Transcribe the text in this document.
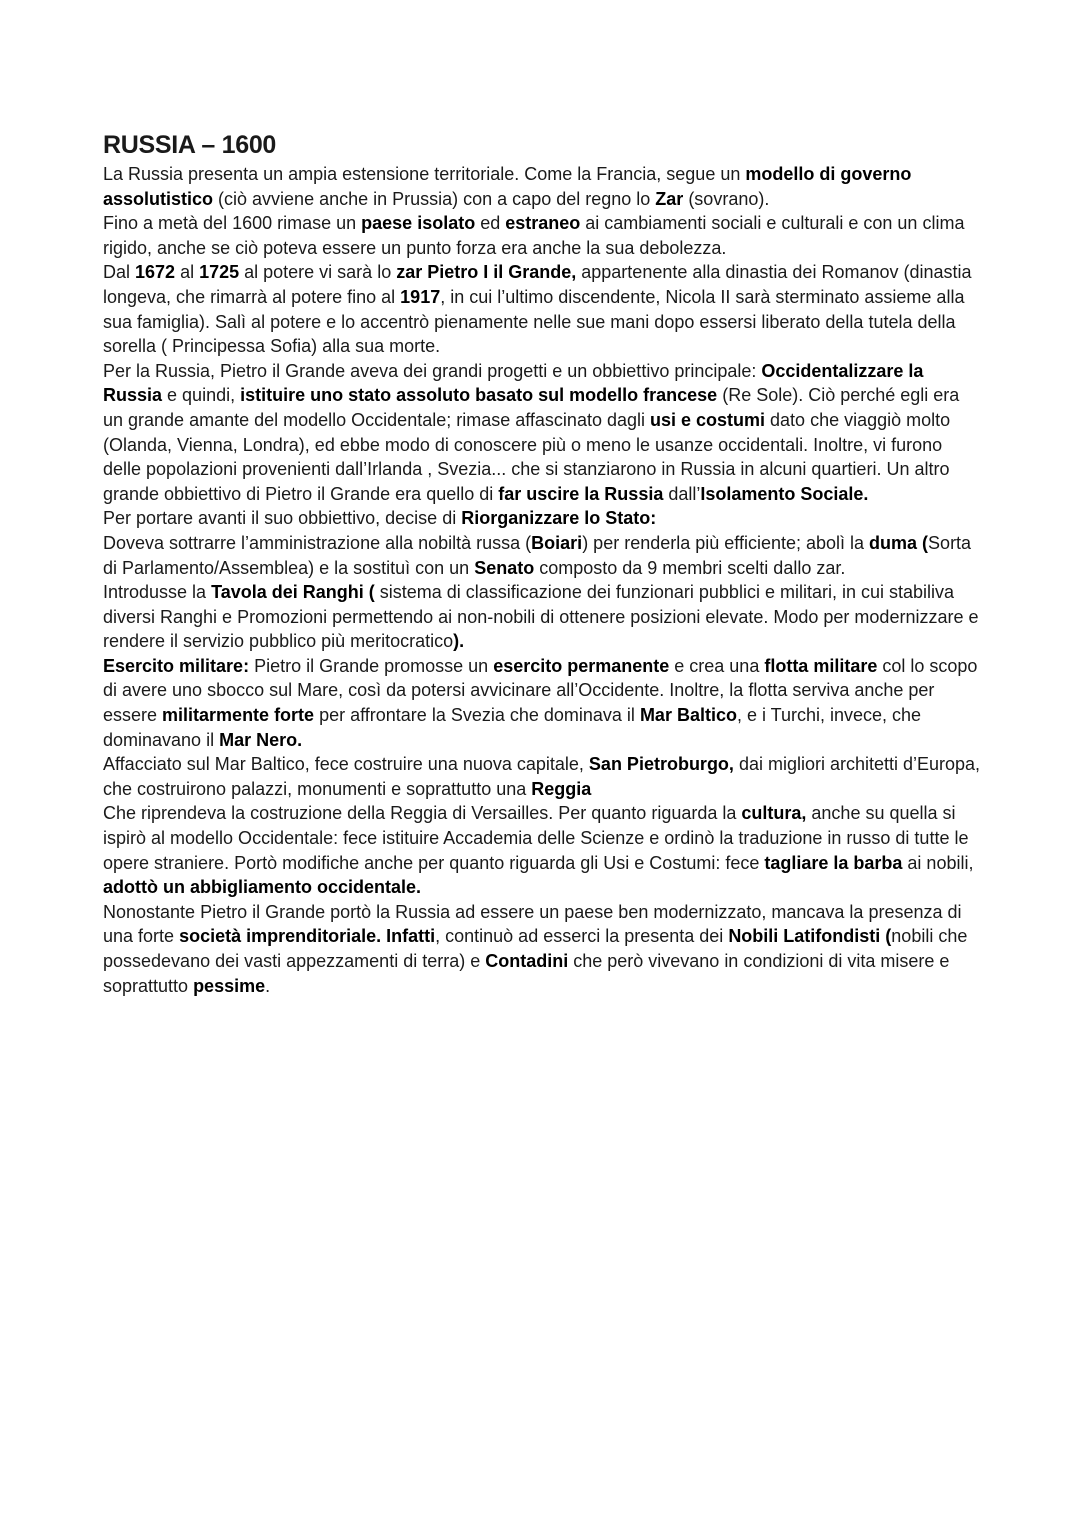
RUSSIA – 1600

La Russia presenta un ampia estensione territoriale. Come la Francia, segue un modello di governo assolutistico (ciò avviene anche in Prussia) con a capo del regno lo Zar (sovrano).

Fino a metà del 1600 rimase un paese isolato ed estraneo ai cambiamenti sociali e culturali e con un clima rigido, anche se ciò poteva essere un punto forza era anche la sua debolezza.

Dal 1672 al 1725 al potere vi sarà lo zar Pietro I il Grande, appartenente alla dinastia dei Romanov (dinastia longeva, che rimarrà al potere fino al 1917, in cui l’ultimo discendente, Nicola II sarà sterminato assieme alla sua famiglia). Salì al potere e lo accentrò pienamente nelle sue mani dopo essersi liberato della tutela della sorella ( Principessa Sofia) alla sua morte.

Per la Russia, Pietro il Grande aveva dei grandi progetti e un obbiettivo principale: Occidentalizzare la Russia e quindi, istituire uno stato assoluto basato sul modello francese (Re Sole). Ciò perché egli era un grande amante del modello Occidentale; rimase affascinato dagli usi e costumi dato che viaggiò molto (Olanda, Vienna, Londra), ed ebbe modo di conoscere più o meno le usanze occidentali. Inoltre, vi furono delle popolazioni provenienti dall’Irlanda , Svezia... che si stanziarono in Russia in alcuni quartieri. Un altro grande obbiettivo di Pietro il Grande era quello di far uscire la Russia dall’Isolamento Sociale.

Per portare avanti il suo obbiettivo, decise di Riorganizzare lo Stato:

Doveva sottrarre l’amministrazione alla nobiltà russa (Boiari) per renderla più efficiente; abolì la duma (Sorta di Parlamento/Assemblea) e la sostituì con un Senato composto da 9 membri scelti dallo zar.

Introdusse la Tavola dei Ranghi ( sistema di classificazione dei funzionari pubblici e militari, in cui stabiliva diversi Ranghi e Promozioni permettendo ai non-nobili di ottenere posizioni elevate. Modo per modernizzare e rendere il servizio pubblico più meritocratico).

Esercito militare: Pietro il Grande promosse un esercito permanente e crea una flotta militare col lo scopo di avere uno sbocco sul Mare, così da potersi avvicinare all’Occidente. Inoltre, la flotta serviva anche per essere militarmente forte per affrontare la Svezia che dominava il Mar Baltico, e i Turchi, invece, che dominavano il Mar Nero.

Affacciato sul Mar Baltico, fece costruire una nuova capitale, San Pietroburgo, dai migliori architetti d’Europa, che costruirono palazzi, monumenti e soprattutto una Reggia

Che riprendeva la costruzione della Reggia di Versailles. Per quanto riguarda la cultura, anche su quella si ispirò al modello Occidentale: fece istituire Accademia delle Scienze e ordinò la traduzione in russo di tutte le opere straniere. Portò modifiche anche per quanto riguarda gli Usi e Costumi: fece tagliare la barba ai nobili, adottò un abbigliamento occidentale.

Nonostante Pietro il Grande portò la Russia ad essere un paese ben modernizzato, mancava la presenza di una forte società imprenditoriale. Infatti, continuò ad esserci la presenta dei Nobili Latifondisti (nobili che possedevano dei vasti appezzamenti di terra) e Contadini che però vivevano in condizioni di vita misere e soprattutto pessime.
